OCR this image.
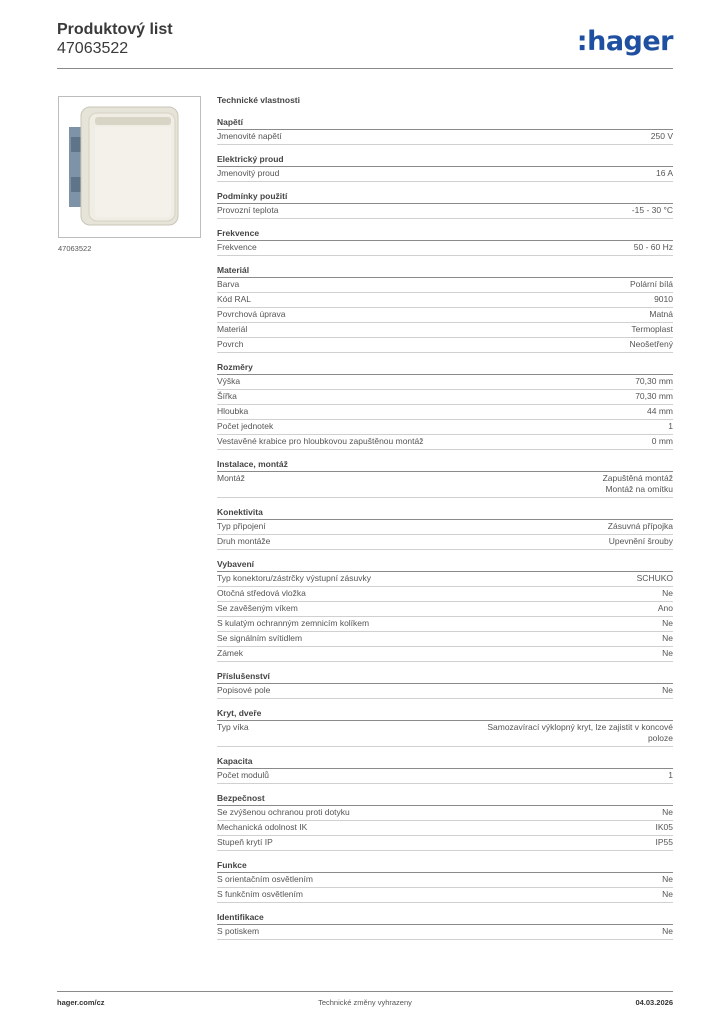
Produktový list
47063522	:hager
47063522
Technické vlastnosti
Napětí
Jmenovité napětí	250 V
Elektrický proud
Jmenovitý proud	16 A
Podmínky použití
Provozní teplota	-15 - 30 °C
Frekvence
Frekvence	50 - 60 Hz
Materiál
Barva	Polární bílá
Kód RAL	9010
Povrchová úprava	Matná
Materiál	Termoplast
Povrch	Neošetřený
Rozměry
Výška	70,30 mm
Šířka	70,30 mm
Hloubka	44 mm
Počet jednotek	1
Vestavěné krabice pro hloubkovou zapuštěnou montáž	0 mm
Instalace, montáž
Montáž	Zapuštěná montáž
Montáž na omítku
Konektivita
Typ připojení	Zásuvná přípojka
Druh montáže	Upevnění šrouby
Vybavení
Typ konektoru/zástrčky výstupní zásuvky	SCHUKO
Otočná středová vložka	Ne
Se zavěšeným víkem	Ano
S kulatým ochranným zemnicím kolíkem	Ne
Se signálním svítidlem	Ne
Zámek	Ne
Příslušenství
Popisové pole	Ne
Kryt, dveře
Typ víka	Samozavírací výklopný kryt, lze zajistit v koncové poloze
Kapacita
Počet modulů	1
Bezpečnost
Se zvýšenou ochranou proti dotyku	Ne
Mechanická odolnost IK	IK05
Stupeň krytí IP	IP55
Funkce
S orientačním osvětlením	Ne
S funkčním osvětlením	Ne
Identifikace
S potiskem	Ne
hager.com/cz	Technické změny vyhrazeny	04.03.2026
